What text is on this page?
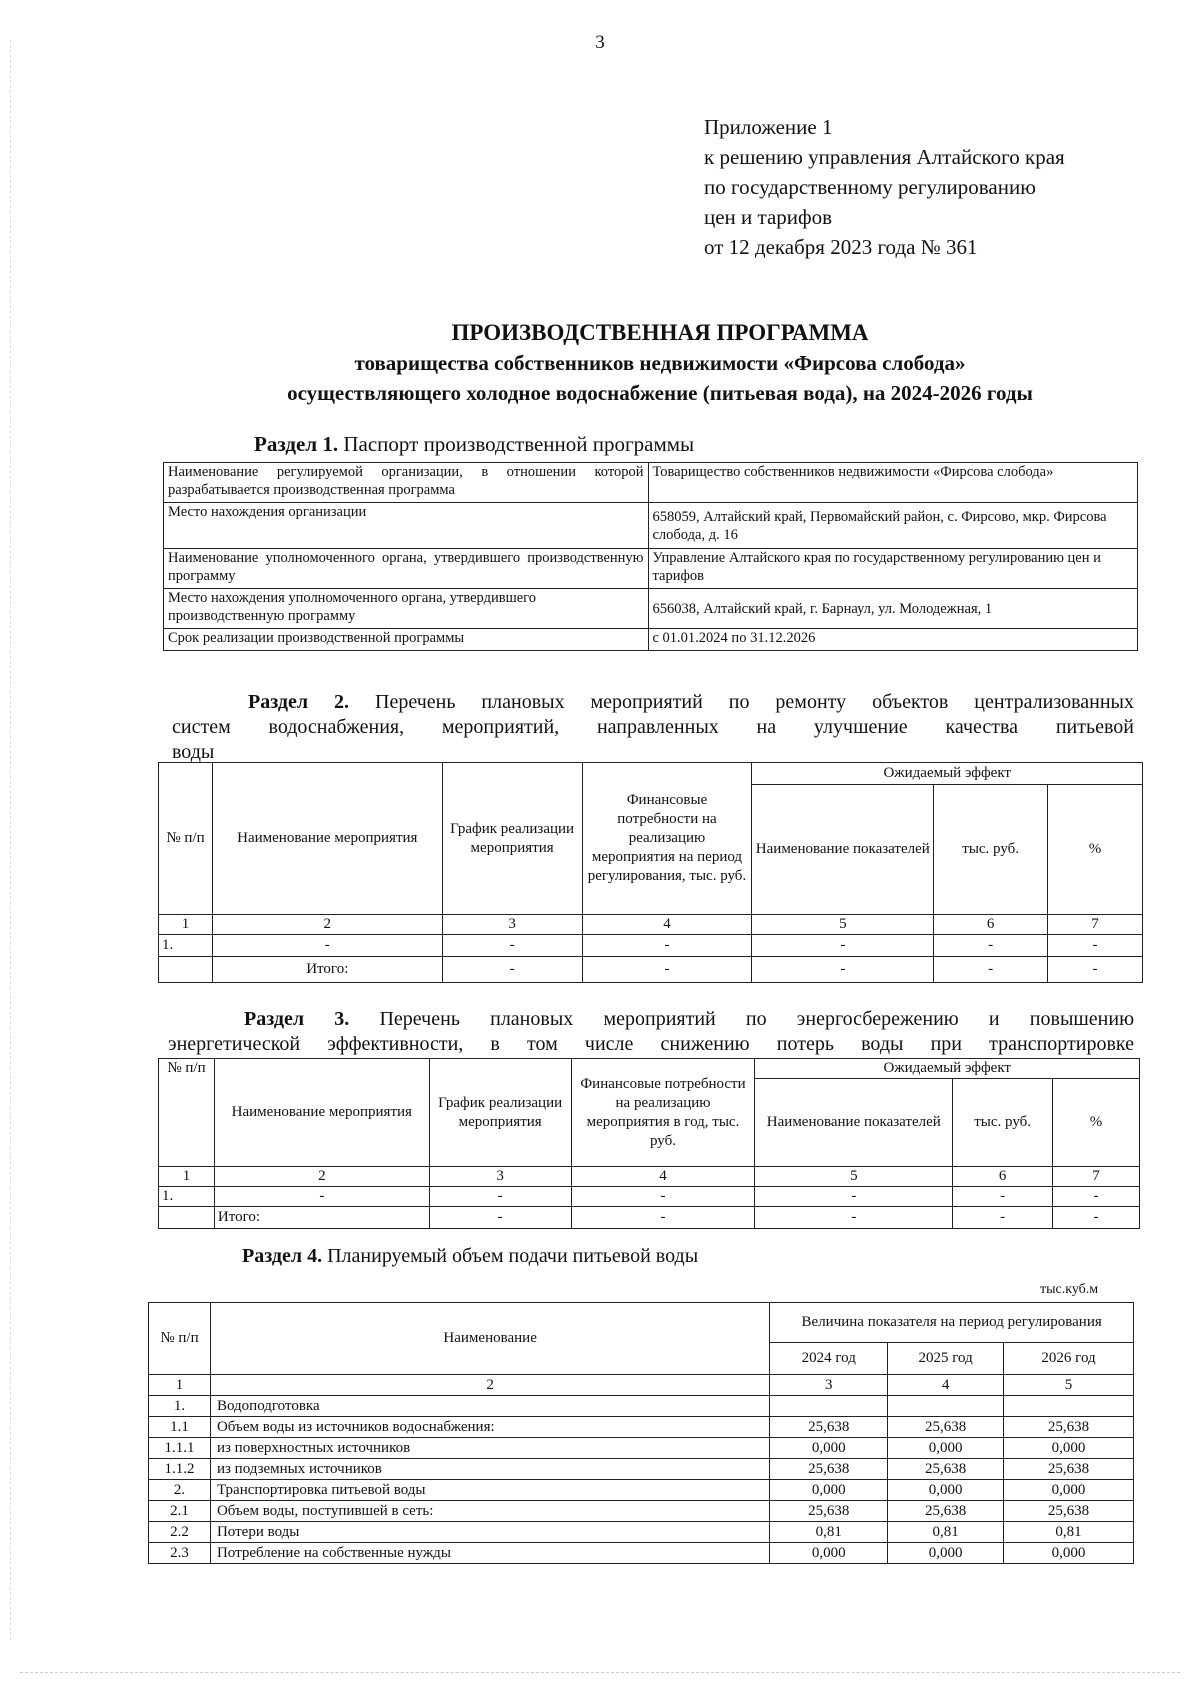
3
Приложение 1
к решению управления Алтайского края
по государственному регулированию
цен и тарифов
от 12 декабря 2023 года № 361
ПРОИЗВОДСТВЕННАЯ ПРОГРАММА
товарищества собственников недвижимости «Фирсова слобода»
осуществляющего холодное водоснабжение (питьевая вода), на 2024-2026 годы
Раздел 1. Паспорт производственной программы
Наименование регулируемой организации, в отношении которой разрабатывается производственная программа	Товарищество собственников недвижимости «Фирсова слобода»
Место нахождения организации	658059, Алтайский край, Первомайский район, с. Фирсово, мкр. Фирсова слобода, д. 16
Наименование уполномоченного органа, утвердившего производственную программу	Управление Алтайского края по государственному регулированию цен и тарифов
Место нахождения уполномоченного органа, утвердившего производственную программу	656038, Алтайский край, г. Барнаул, ул. Молодежная, 1
Срок реализации производственной программы	с 01.01.2024 по 31.12.2026
Раздел 2. Перечень плановых мероприятий по ремонту объектов централизованных
систем водоснабжения, мероприятий, направленных на улучшение качества питьевой
воды
№ п/п	Наименование мероприятия	График реализации мероприятия	Финансовые потребности на реализацию мероприятия на период регулирования, тыс. руб.	Ожидаемый эффект		
				Наименование показателей	тыс. руб.	%
1	2	3	4	5	6	7
1.	-	-	-	-	-	-
	Итого:	-	-	-	-	-
Раздел 3. Перечень плановых мероприятий по энергосбережению и повышению
энергетической эффективности, в том числе снижению потерь воды при транспортировке
№ п/п	Наименование мероприятия	График реализации мероприятия	Финансовые потребности на реализацию мероприятия в год, тыс. руб.	Ожидаемый эффект		
				Наименование показателей	тыс. руб.	%
1	2	3	4	5	6	7
1.	-	-	-	-	-	-
	Итого:	-	-	-	-	-
Раздел 4. Планируемый объем подачи питьевой воды
тыс.куб.м
№ п/п	Наименование	Величина показателя на период регулирования		
		2024 год	2025 год	2026 год
1	2	3	4	5
1.	Водоподготовка			
1.1	Объем воды из источников водоснабжения:	25,638	25,638	25,638
1.1.1	из поверхностных источников	0,000	0,000	0,000
1.1.2	из подземных источников	25,638	25,638	25,638
2.	Транспортировка питьевой воды	0,000	0,000	0,000
2.1	Объем воды, поступившей в сеть:	25,638	25,638	25,638
2.2	Потери воды	0,81	0,81	0,81
2.3	Потребление на собственные нужды	0,000	0,000	0,000
